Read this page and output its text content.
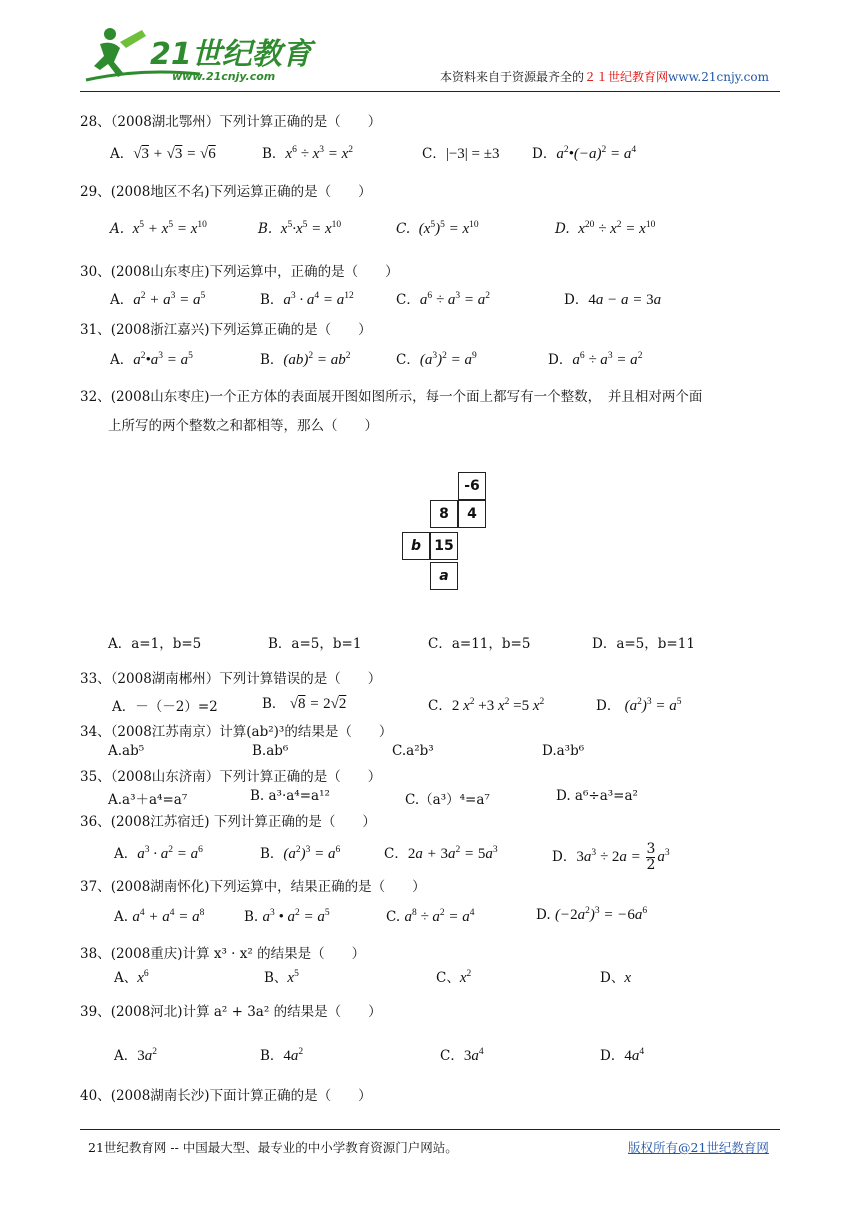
21世纪教育
www.21cnjy.com	本资料来自于资源最齐全的２１世纪教育网www.21cnjy.com
28、（2008湖北鄂州）下列计算正确的是（　　）
A．√3 + √3 = √6	B．$x^6 \div x^3 = x^2$	C．|−3| = ±3 D．$a^2•(-a)^2 = a^4$
29、(2008地区不名)下列运算正确的是（　　）
A.  $x^5 + x^5 = x^{10}$	B.  $x^5\cdot x^5 = x^{10}$	C.  $(x^5)^5 = x^{10}$	D.  $x^{20} \div x^2 = x^{10}$
30、(2008山东枣庄)下列运算中，正确的是（　　）
A．$a^2 + a^3 = a^5$	B．$a^3 \cdot a^4 = a^{12}$	C．$a^6 \div a^3 = a^2$	D．4a − a = 3a
31、(2008浙江嘉兴)下列运算正确的是（　　）
A．$a^2•a^3 = a^5$	B．$(ab)^2 = ab^2$	C．$(a^3)^2 = a^9$	D．$a^6 \div a^3 = a^2$
32、(2008山东枣庄)一个正方体的表面展开图如图所示，每一个面上都写有一个整数，　并且相对两个面
上所写的两个整数之和都相等，那么（　　）
-6
8	4
b 15
a
A．a=1，b=5	B．a=5，b=1	C．a=11，b=5	D．a=5，b=11
33、（2008湖南郴州）下列计算错误的是（　　）
A．－（－2）=2	B． √8 = 2√2	C．2 $x^2 +3$ $x^2 =5$ $x^2$	D． $(a^2)^3 = a^5$
34、（2008江苏南京）计算(ab²)³的结果是（　　）
A.ab⁵	B.ab⁶	C.a²b³	D.a³b⁶
35、（2008山东济南）下列计算正确的是（　　）
A.a³＋a⁴=a⁷	B. a³·a⁴=a¹²	C.（a³）⁴=a⁷	D. a⁶÷a³=a²
36、(2008江苏宿迁) 下列计算正确的是（　　）
A．$a^3 \cdot a^2 = a^6$	B．$(a^2)^3 = a^6$	C．$2a + 3a^2 = 5a^3$	D．$3a^3 \div 2a = \frac{3}{2} a^3$
37、(2008湖南怀化)下列运算中，结果正确的是（　　）
A. $a^4 + a^4 = a^8$	B. $a^3$ • $a^2 = a^5$	C. $a^8 \div a^2 = a^4$	D. $(-2a^2)^3 = -6a^6$
38、(2008重庆)计算 x³ · x² 的结果是（　　）
A、$x^6$	B、$x^5$	C、$x^2$	D、x
39、(2008河北)计算 a² + 3a² 的结果是（　　）
A．$3a^2$	B．$4a^2$	C．$3a^4$	D．$4a^4$
40、(2008湖南长沙)下面计算正确的是（　　）
21世纪教育网 -- 中国最大型、最专业的中小学教育资源门户网站。	版权所有@21世纪教育网
